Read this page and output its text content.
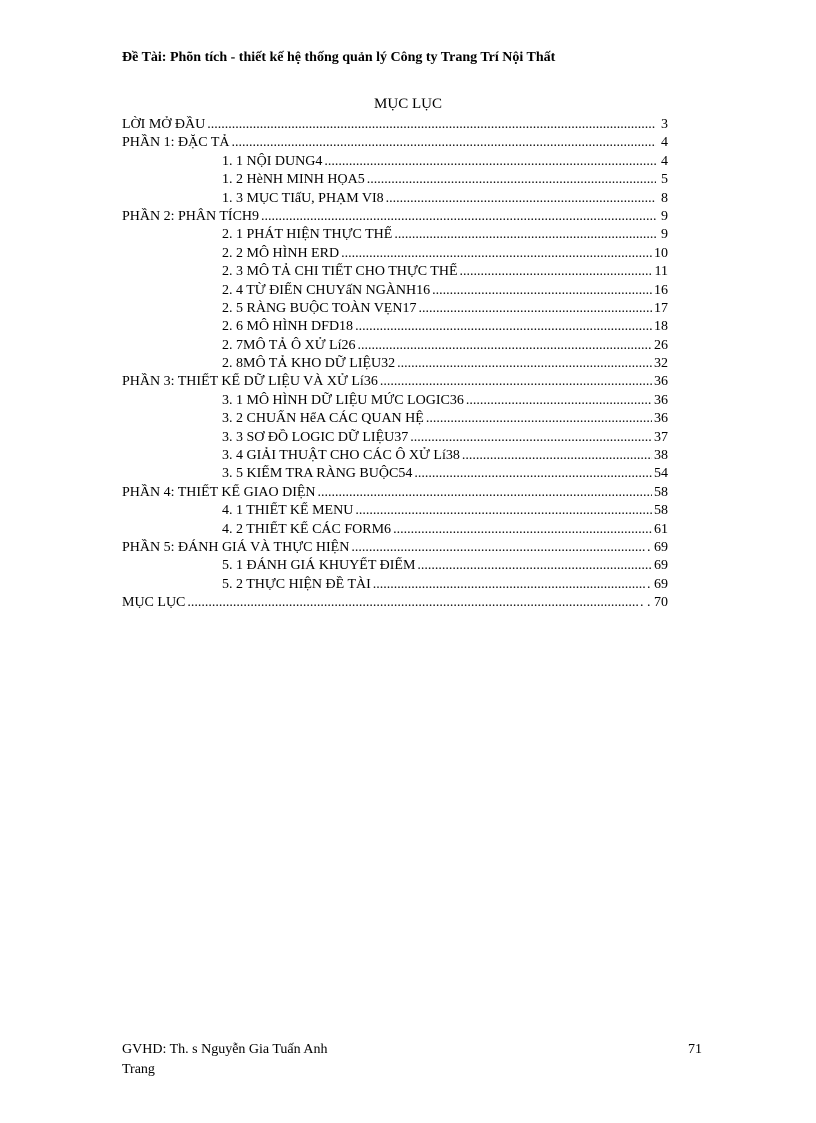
Đề Tài: Phõn tích - thiết kế hệ thống quản lý Công ty Trang Trí Nội Thất
MỤC LỤC
LỜI MỞ ĐẦU .....	3
PHẦN 1: ĐẶC TẢ .....	4
1. 1 NỘI DUNG4 .....	4
1. 2 HèNH MINH HỌA5 .....	5
1. 3 MỤC TIấU, PHẠM VI8 .....	8
PHẦN 2: PHÂN TÍCH9 .....	9
2. 1 PHÁT HIỆN THỰC THỂ .....	9
2. 2 MÔ HÌNH ERD .....	10
2. 3 MÔ TẢ CHI TIẾT CHO THỰC THỂ .....	11
2. 4 TỪ ĐIỂN CHUYấN NGÀNH16 .....	16
2. 5 RÀNG BUỘC TOÀN VẸN17 .....	17
2. 6 MÔ HÌNH DFD18 .....	18
2. 7MÔ TẢ Ô XỬ Lí26 .....	26
2. 8MÔ TẢ KHO DỮ LIỆU32 .....	32
PHẦN 3: THIẾT KẾ DỮ LIỆU VÀ XỬ Lí36 .....	36
3. 1 MÔ HÌNH DỮ LIỆU MỨC LOGIC36 .....	36
3. 2 CHUẨN HểA CÁC QUAN HỆ .....	36
3. 3 SƠ ĐỒ LOGIC DỮ LIỆU37 .....	37
3. 4 GIẢI THUẬT CHO CÁC Ô XỬ Lí38 .....	38
3. 5 KIỂM TRA RÀNG BUỘC54 .....	54
PHẦN 4: THIẾT KẾ GIAO DIỆN .....	58
4. 1 THIẾT KẾ MENU .....	58
4. 2 THIẾT KẾ CÁC FORM6 .....	61
PHẦN 5: ĐÁNH GIÁ VÀ THỰC HIỆN .....	. 69
5. 1 ĐÁNH GIÁ KHUYẾT ĐIỂM .....	69
5. 2 THỰC HIỆN ĐỀ TÀI .....	. 69
MỤC LỤC .....	. . 70
GVHD: Th. s Nguyễn Gia Tuấn Anh
Trang
71
